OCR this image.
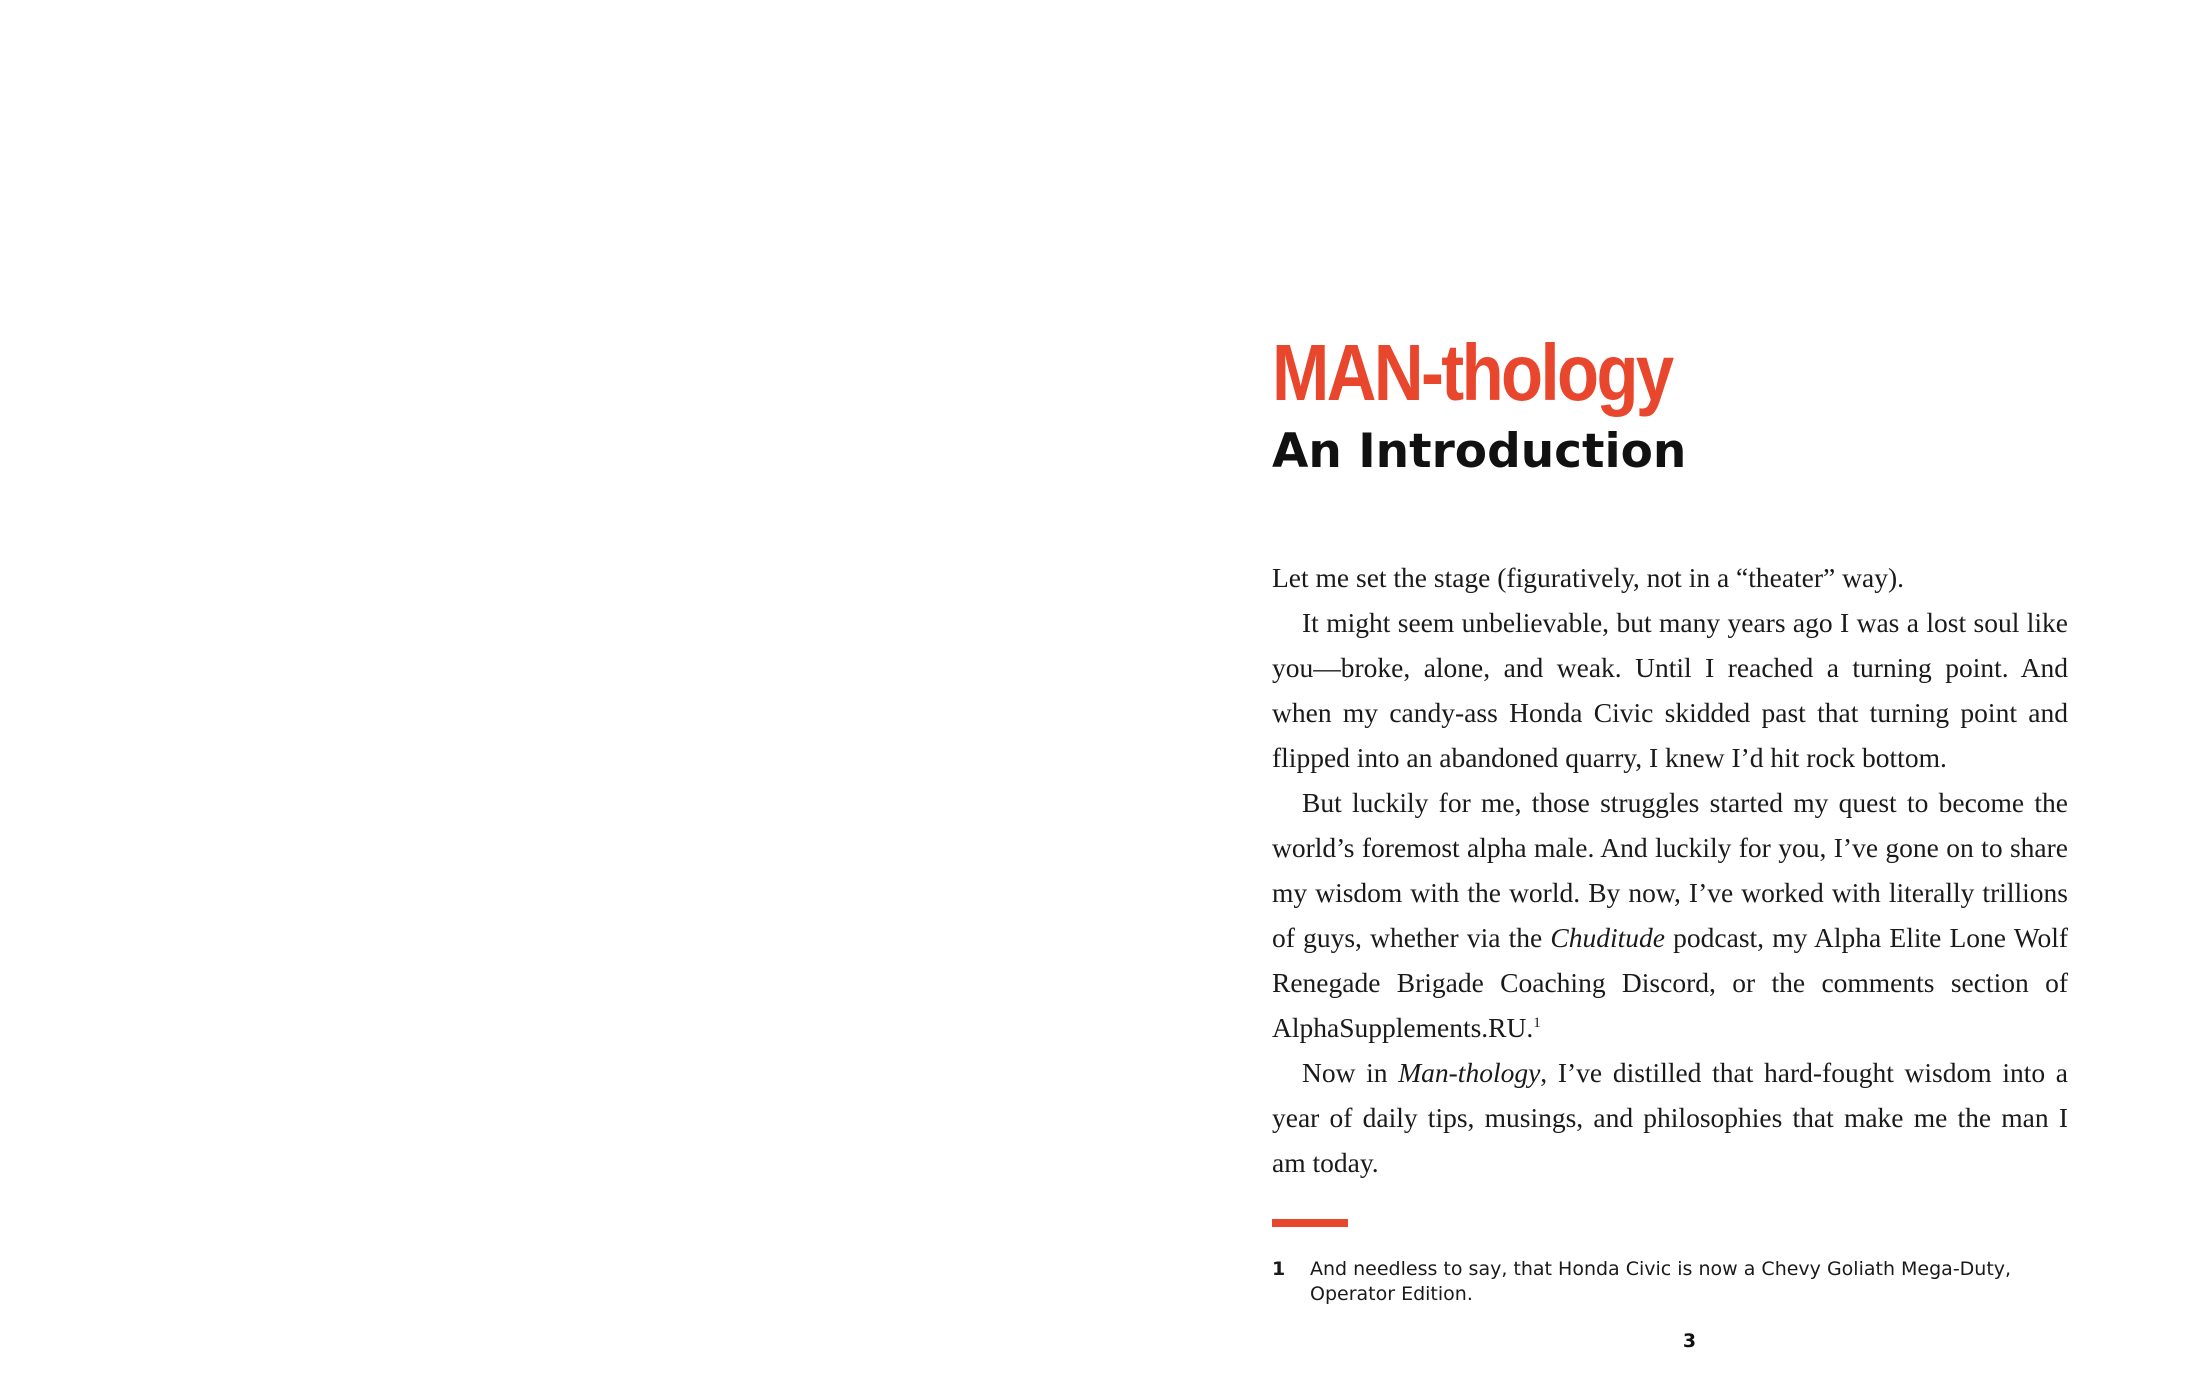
MAN-thology
An Introduction

Let me set the stage (figuratively, not in a “theater” way).

It might seem unbelievable, but many years ago I was a lost soul like you—broke, alone, and weak. Until I reached a turning point. And when my candy-ass Honda Civic skidded past that turning point and flipped into an abandoned quarry, I knew I’d hit rock bottom.

But luckily for me, those struggles started my quest to become the world’s foremost alpha male. And luckily for you, I’ve gone on to share my wisdom with the world. By now, I’ve worked with literally trillions of guys, whether via the Chuditude podcast, my Alpha Elite Lone Wolf Renegade Brigade Coaching Discord, or the comments section of AlphaSupplements.RU.$^1$

Now in Man-thology, I’ve distilled that hard-fought wisdom into a year of daily tips, musings, and philosophies that make me the man I am today.

1	And needless to say, that Honda Civic is now a Chevy Goliath Mega-Duty, Operator Edition.
3
